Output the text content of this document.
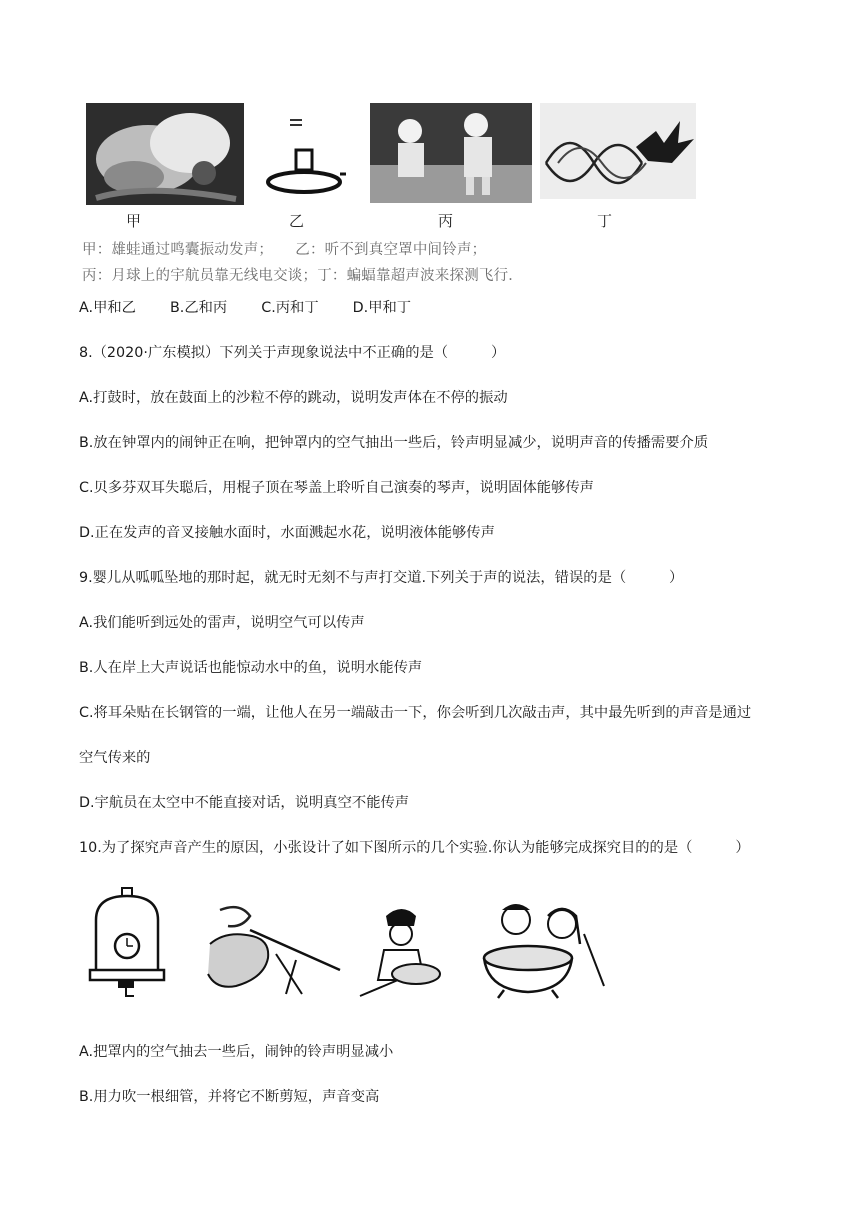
甲	乙	丙	丁
甲：雄蛙通过鸣囊振动发声；　　乙：听不到真空罩中间铃声；
丙：月球上的宇航员靠无线电交谈；丁：蝙蝠靠超声波来探测飞行．
A.甲和乙 B.乙和丙 C.丙和丁 D.甲和丁
8.（2020·广东模拟）下列关于声现象说法中不正确的是（　　　）
A.打鼓时，放在鼓面上的沙粒不停的跳动，说明发声体在不停的振动
B.放在钟罩内的闹钟正在响，把钟罩内的空气抽出一些后，铃声明显减少，说明声音的传播需要介质
C.贝多芬双耳失聪后，用棍子顶在琴盖上聆听自己演奏的琴声，说明固体能够传声
D.正在发声的音叉接触水面时，水面溅起水花，说明液体能够传声
9.婴儿从呱呱坠地的那时起，就无时无刻不与声打交道.下列关于声的说法，错误的是（　　　）
A.我们能听到远处的雷声，说明空气可以传声
B.人在岸上大声说话也能惊动水中的鱼，说明水能传声
C.将耳朵贴在长钢管的一端，让他人在另一端敲击一下，你会听到几次敲击声，其中最先听到的声音是通过
空气传来的
D.宇航员在太空中不能直接对话，说明真空不能传声
10.为了探究声音产生的原因，小张设计了如下图所示的几个实验.你认为能够完成探究目的的是（　　　）
A.把罩内的空气抽去一些后，闹钟的铃声明显减小
B.用力吹一根细管，并将它不断剪短，声音变高
